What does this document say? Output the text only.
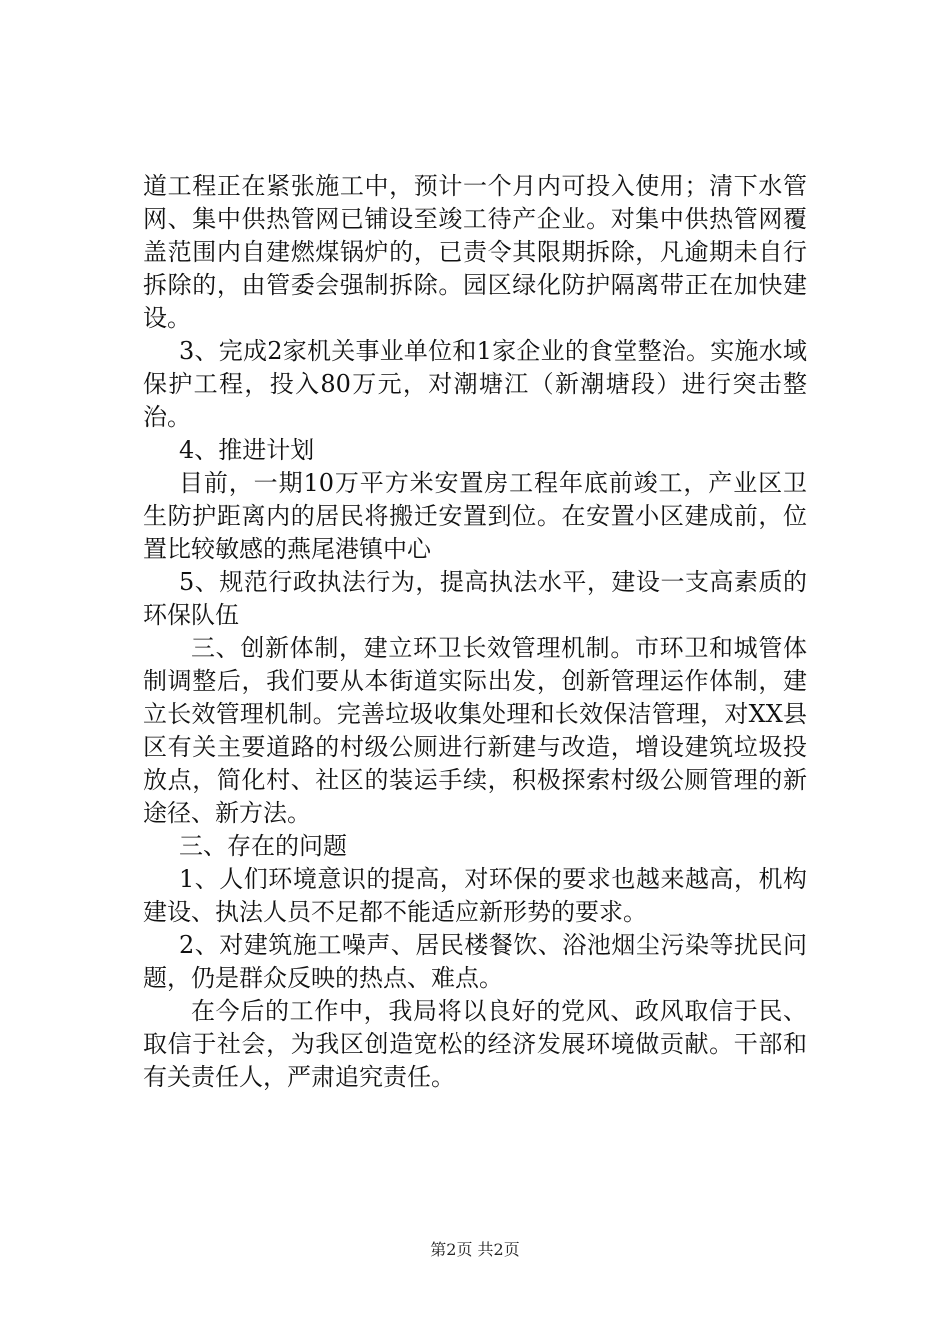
道工程正在紧张施工中，预计一个月内可投入使用；清下水管网、集中供热管网已铺设至竣工待产企业。对集中供热管网覆盖范围内自建燃煤锅炉的，已责令其限期拆除，凡逾期未自行拆除的，由管委会强制拆除。园区绿化防护隔离带正在加快建设。

3、完成2家机关事业单位和1家企业的食堂整治。实施水域保护工程，投入80万元，对潮塘江（新潮塘段）进行突击整治。

4、推进计划

目前，一期10万平方米安置房工程年底前竣工，产业区卫生防护距离内的居民将搬迁安置到位。在安置小区建成前，位置比较敏感的燕尾港镇中心

5、规范行政执法行为，提高执法水平，建设一支高素质的环保队伍

三、创新体制，建立环卫长效管理机制。市环卫和城管体制调整后，我们要从本街道实际出发，创新管理运作体制，建立长效管理机制。完善垃圾收集处理和长效保洁管理，对XX县区有关主要道路的村级公厕进行新建与改造，增设建筑垃圾投放点，简化村、社区的装运手续，积极探索村级公厕管理的新途径、新方法。

三、存在的问题

1、人们环境意识的提高，对环保的要求也越来越高，机构建设、执法人员不足都不能适应新形势的要求。

2、对建筑施工噪声、居民楼餐饮、浴池烟尘污染等扰民问题，仍是群众反映的热点、难点。

在今后的工作中，我局将以良好的党风、政风取信于民、取信于社会，为我区创造宽松的经济发展环境做贡献。干部和有关责任人，严肃追究责任。

第2页 共2页
